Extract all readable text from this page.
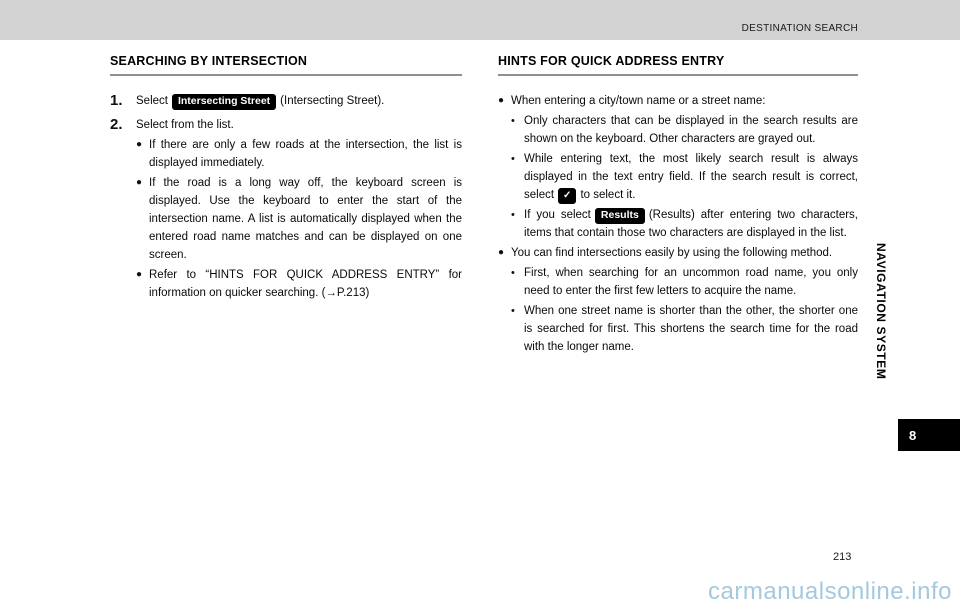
DESTINATION SEARCH
SEARCHING BY INTERSECTION
1.	Select Intersecting Street (Intersecting Street).
2.	Select from the list.
● If there are only a few roads at the intersection, the list is displayed immediately.
● If the road is a long way off, the keyboard screen is displayed. Use the keyboard to enter the start of the intersection name. A list is automatically displayed when the entered road name matches and can be displayed on one screen.
● Refer to “HINTS FOR QUICK ADDRESS ENTRY” for information on quicker searching. (→P.213)
HINTS FOR QUICK ADDRESS ENTRY
● When entering a city/town name or a street name:
• Only characters that can be displayed in the search results are shown on the keyboard. Other characters are grayed out.
• While entering text, the most likely search result is always displayed in the text entry field. If the search result is correct, select ✓ to select it.
• If you select Results (Results) after entering two characters, items that contain those two characters are displayed in the list.
● You can find intersections easily by using the following method.
• First, when searching for an uncommon road name, you only need to enter the first few letters to acquire the name.
• When one street name is shorter than the other, the shorter one is searched for first. This shortens the search time for the road with the longer name.	NAVIGATION SYSTEM
8
213
carmanualsonline.info
